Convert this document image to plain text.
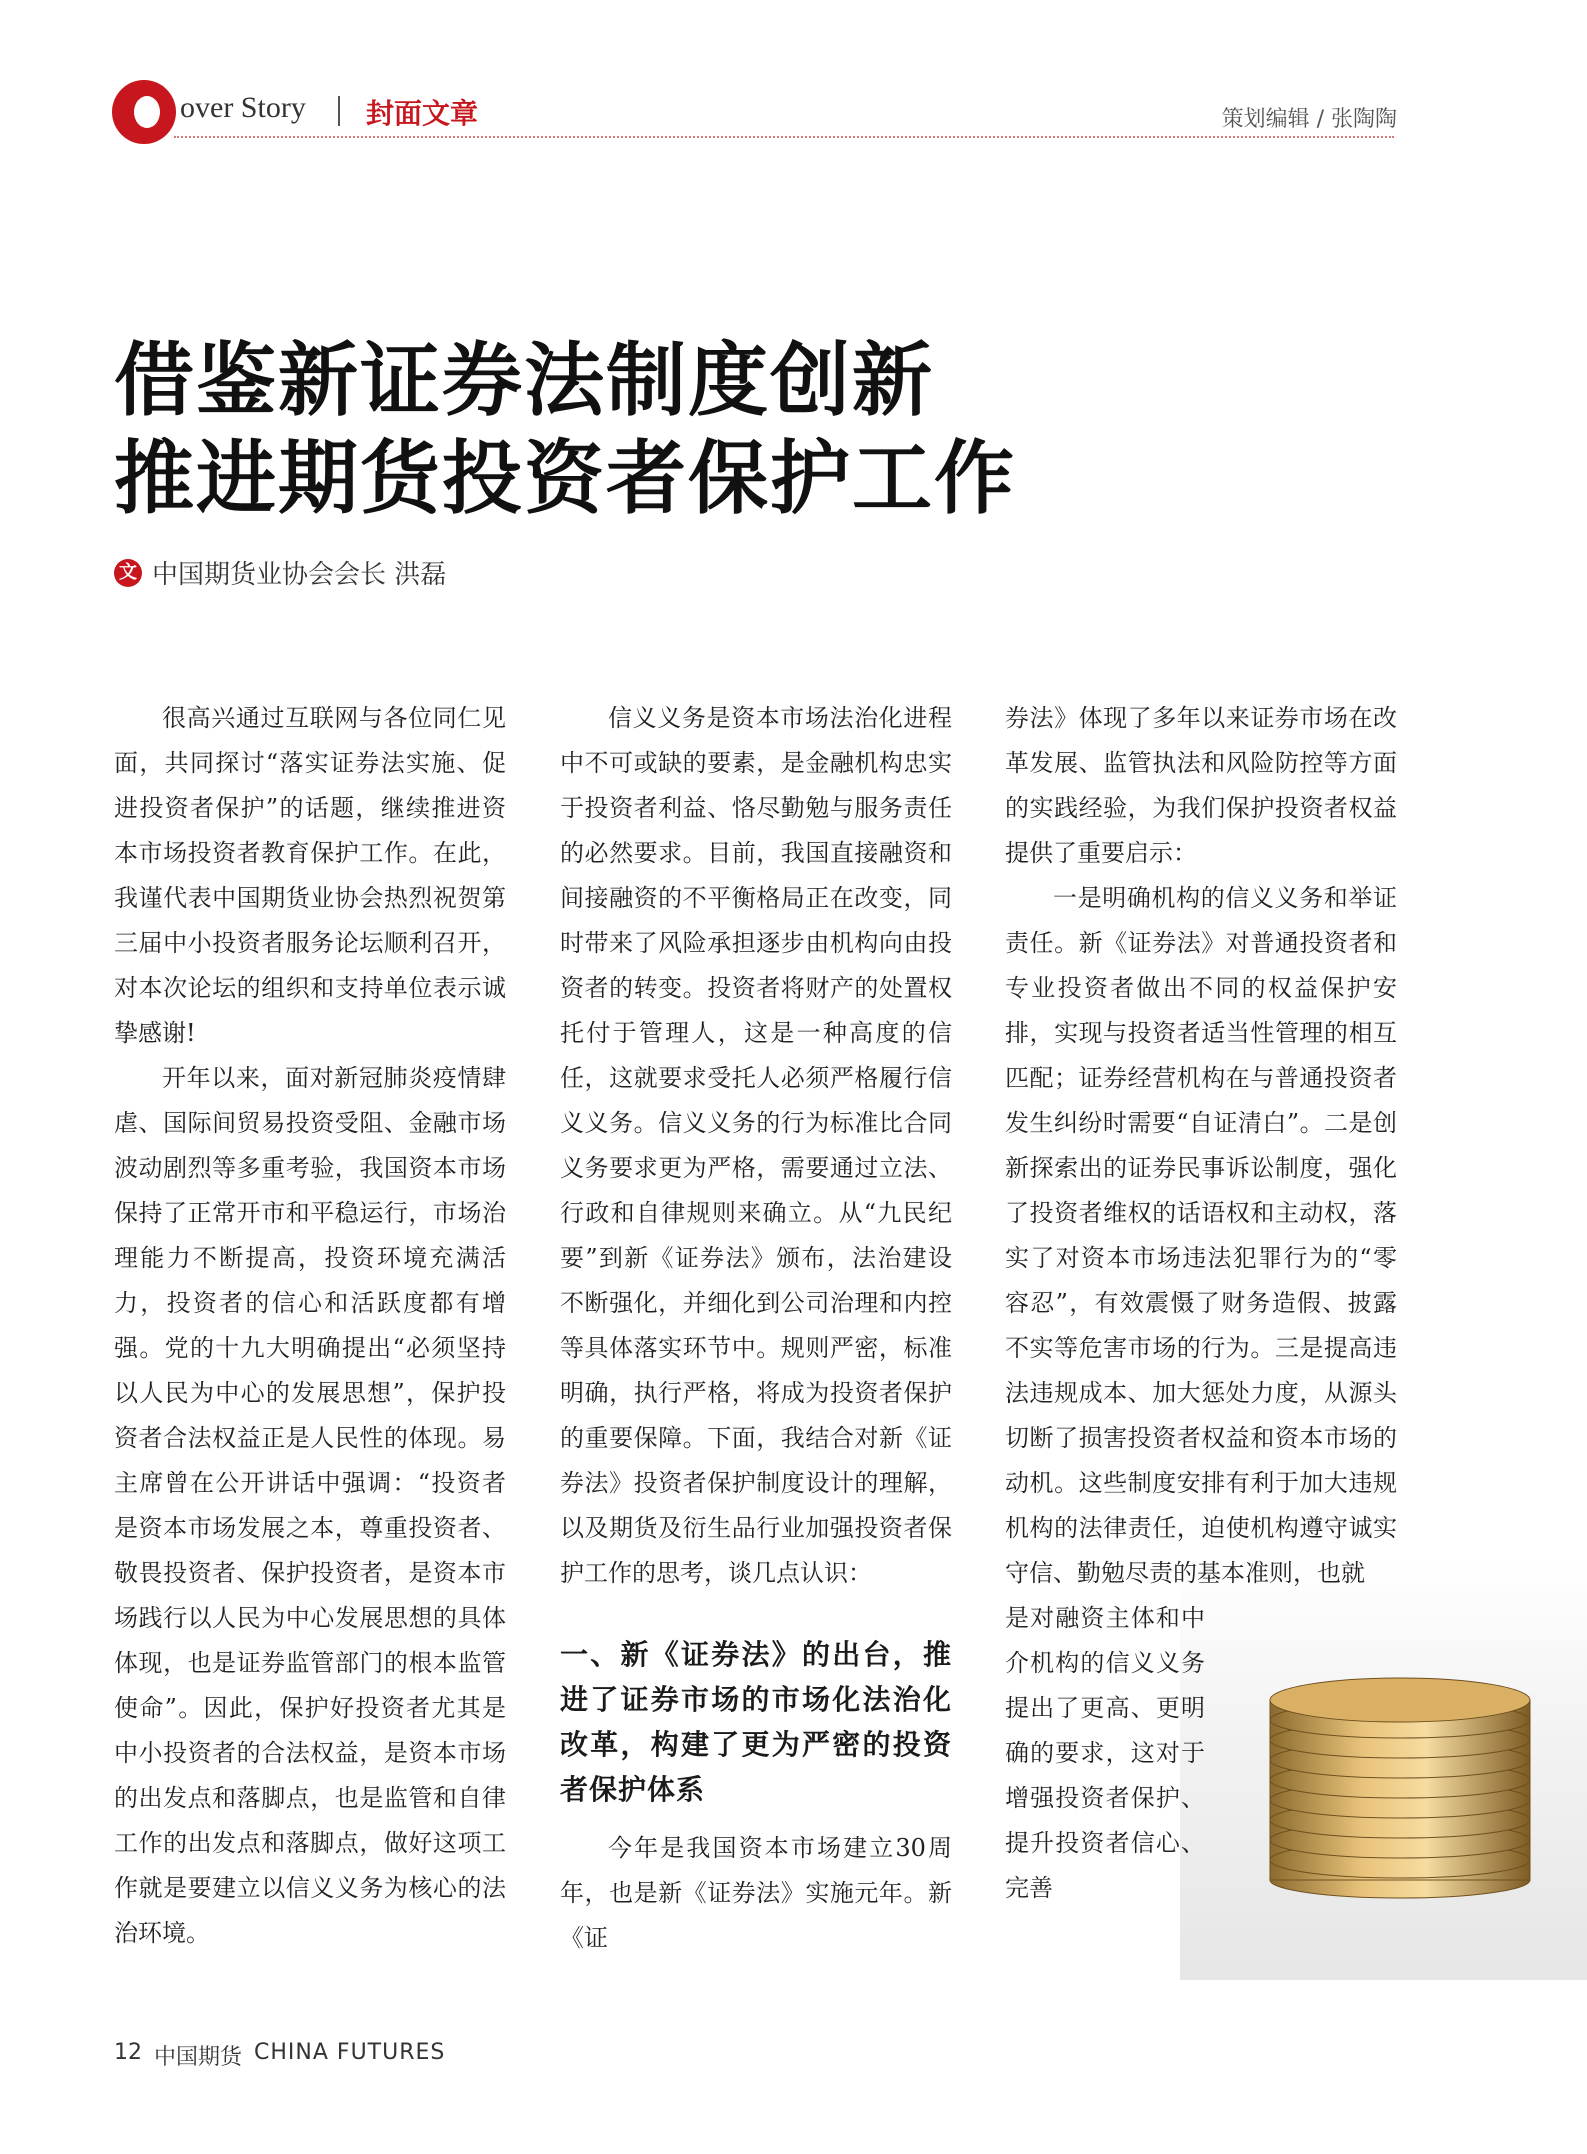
over Story 封面文章	策划编辑 / 张陶陶
借鉴新证券法制度创新
推进期货投资者保护工作
文 中国期货业协会会长 洪磊

很高兴通过互联网与各位同仁见面，共同探讨“落实证券法实施、促进投资者保护”的话题，继续推进资本市场投资者教育保护工作。在此，我谨代表中国期货业协会热烈祝贺第三届中小投资者服务论坛顺利召开，对本次论坛的组织和支持单位表示诚挚感谢!

开年以来，面对新冠肺炎疫情肆虐、国际间贸易投资受阻、金融市场波动剧烈等多重考验，我国资本市场保持了正常开市和平稳运行，市场治理能力不断提高，投资环境充满活力，投资者的信心和活跃度都有增强。党的十九大明确提出“必须坚持以人民为中心的发展思想”，保护投资者合法权益正是人民性的体现。易主席曾在公开讲话中强调：“投资者是资本市场发展之本，尊重投资者、敬畏投资者、保护投资者，是资本市场践行以人民为中心发展思想的具体体现，也是证券监管部门的根本监管使命”。因此，保护好投资者尤其是中小投资者的合法权益，是资本市场的出发点和落脚点，也是监管和自律工作的出发点和落脚点，做好这项工作就是要建立以信义义务为核心的法治环境。

信义义务是资本市场法治化进程中不可或缺的要素，是金融机构忠实于投资者利益、恪尽勤勉与服务责任的必然要求。目前，我国直接融资和间接融资的不平衡格局正在改变，同时带来了风险承担逐步由机构向由投资者的转变。投资者将财产的处置权托付于管理人，这是一种高度的信任，这就要求受托人必须严格履行信义义务。信义义务的行为标准比合同义务要求更为严格，需要通过立法、行政和自律规则来确立。从“九民纪要”到新《证券法》颁布，法治建设不断强化，并细化到公司治理和内控等具体落实环节中。规则严密，标准明确，执行严格，将成为投资者保护的重要保障。下面，我结合对新《证券法》投资者保护制度设计的理解，以及期货及衍生品行业加强投资者保护工作的思考，谈几点认识：

一、新《证券法》的出台，推进了证券市场的市场化法治化改革，构建了更为严密的投资者保护体系

今年是我国资本市场建立30周年，也是新《证券法》实施元年。新《证

券法》体现了多年以来证券市场在改革发展、监管执法和风险防控等方面的实践经验，为我们保护投资者权益提供了重要启示：

一是明确机构的信义义务和举证责任。新《证券法》对普通投资者和专业投资者做出不同的权益保护安排，实现与投资者适当性管理的相互匹配；证券经营机构在与普通投资者发生纠纷时需要“自证清白”。二是创新探索出的证券民事诉讼制度，强化了投资者维权的话语权和主动权，落实了对资本市场违法犯罪行为的“零容忍”，有效震慑了财务造假、披露不实等危害市场的行为。三是提高违法违规成本、加大惩处力度，从源头切断了损害投资者权益和资本市场的动机。这些制度安排有利于加大违规机构的法律责任，迫使机构遵守诚实守信、勤勉尽责的基本准则，也就

是对融资主体和中介机构的信义义务提出了更高、更明确的要求，这对于增强投资者保护、提升投资者信心、完善

12 中国期货 CHINA FUTURES
